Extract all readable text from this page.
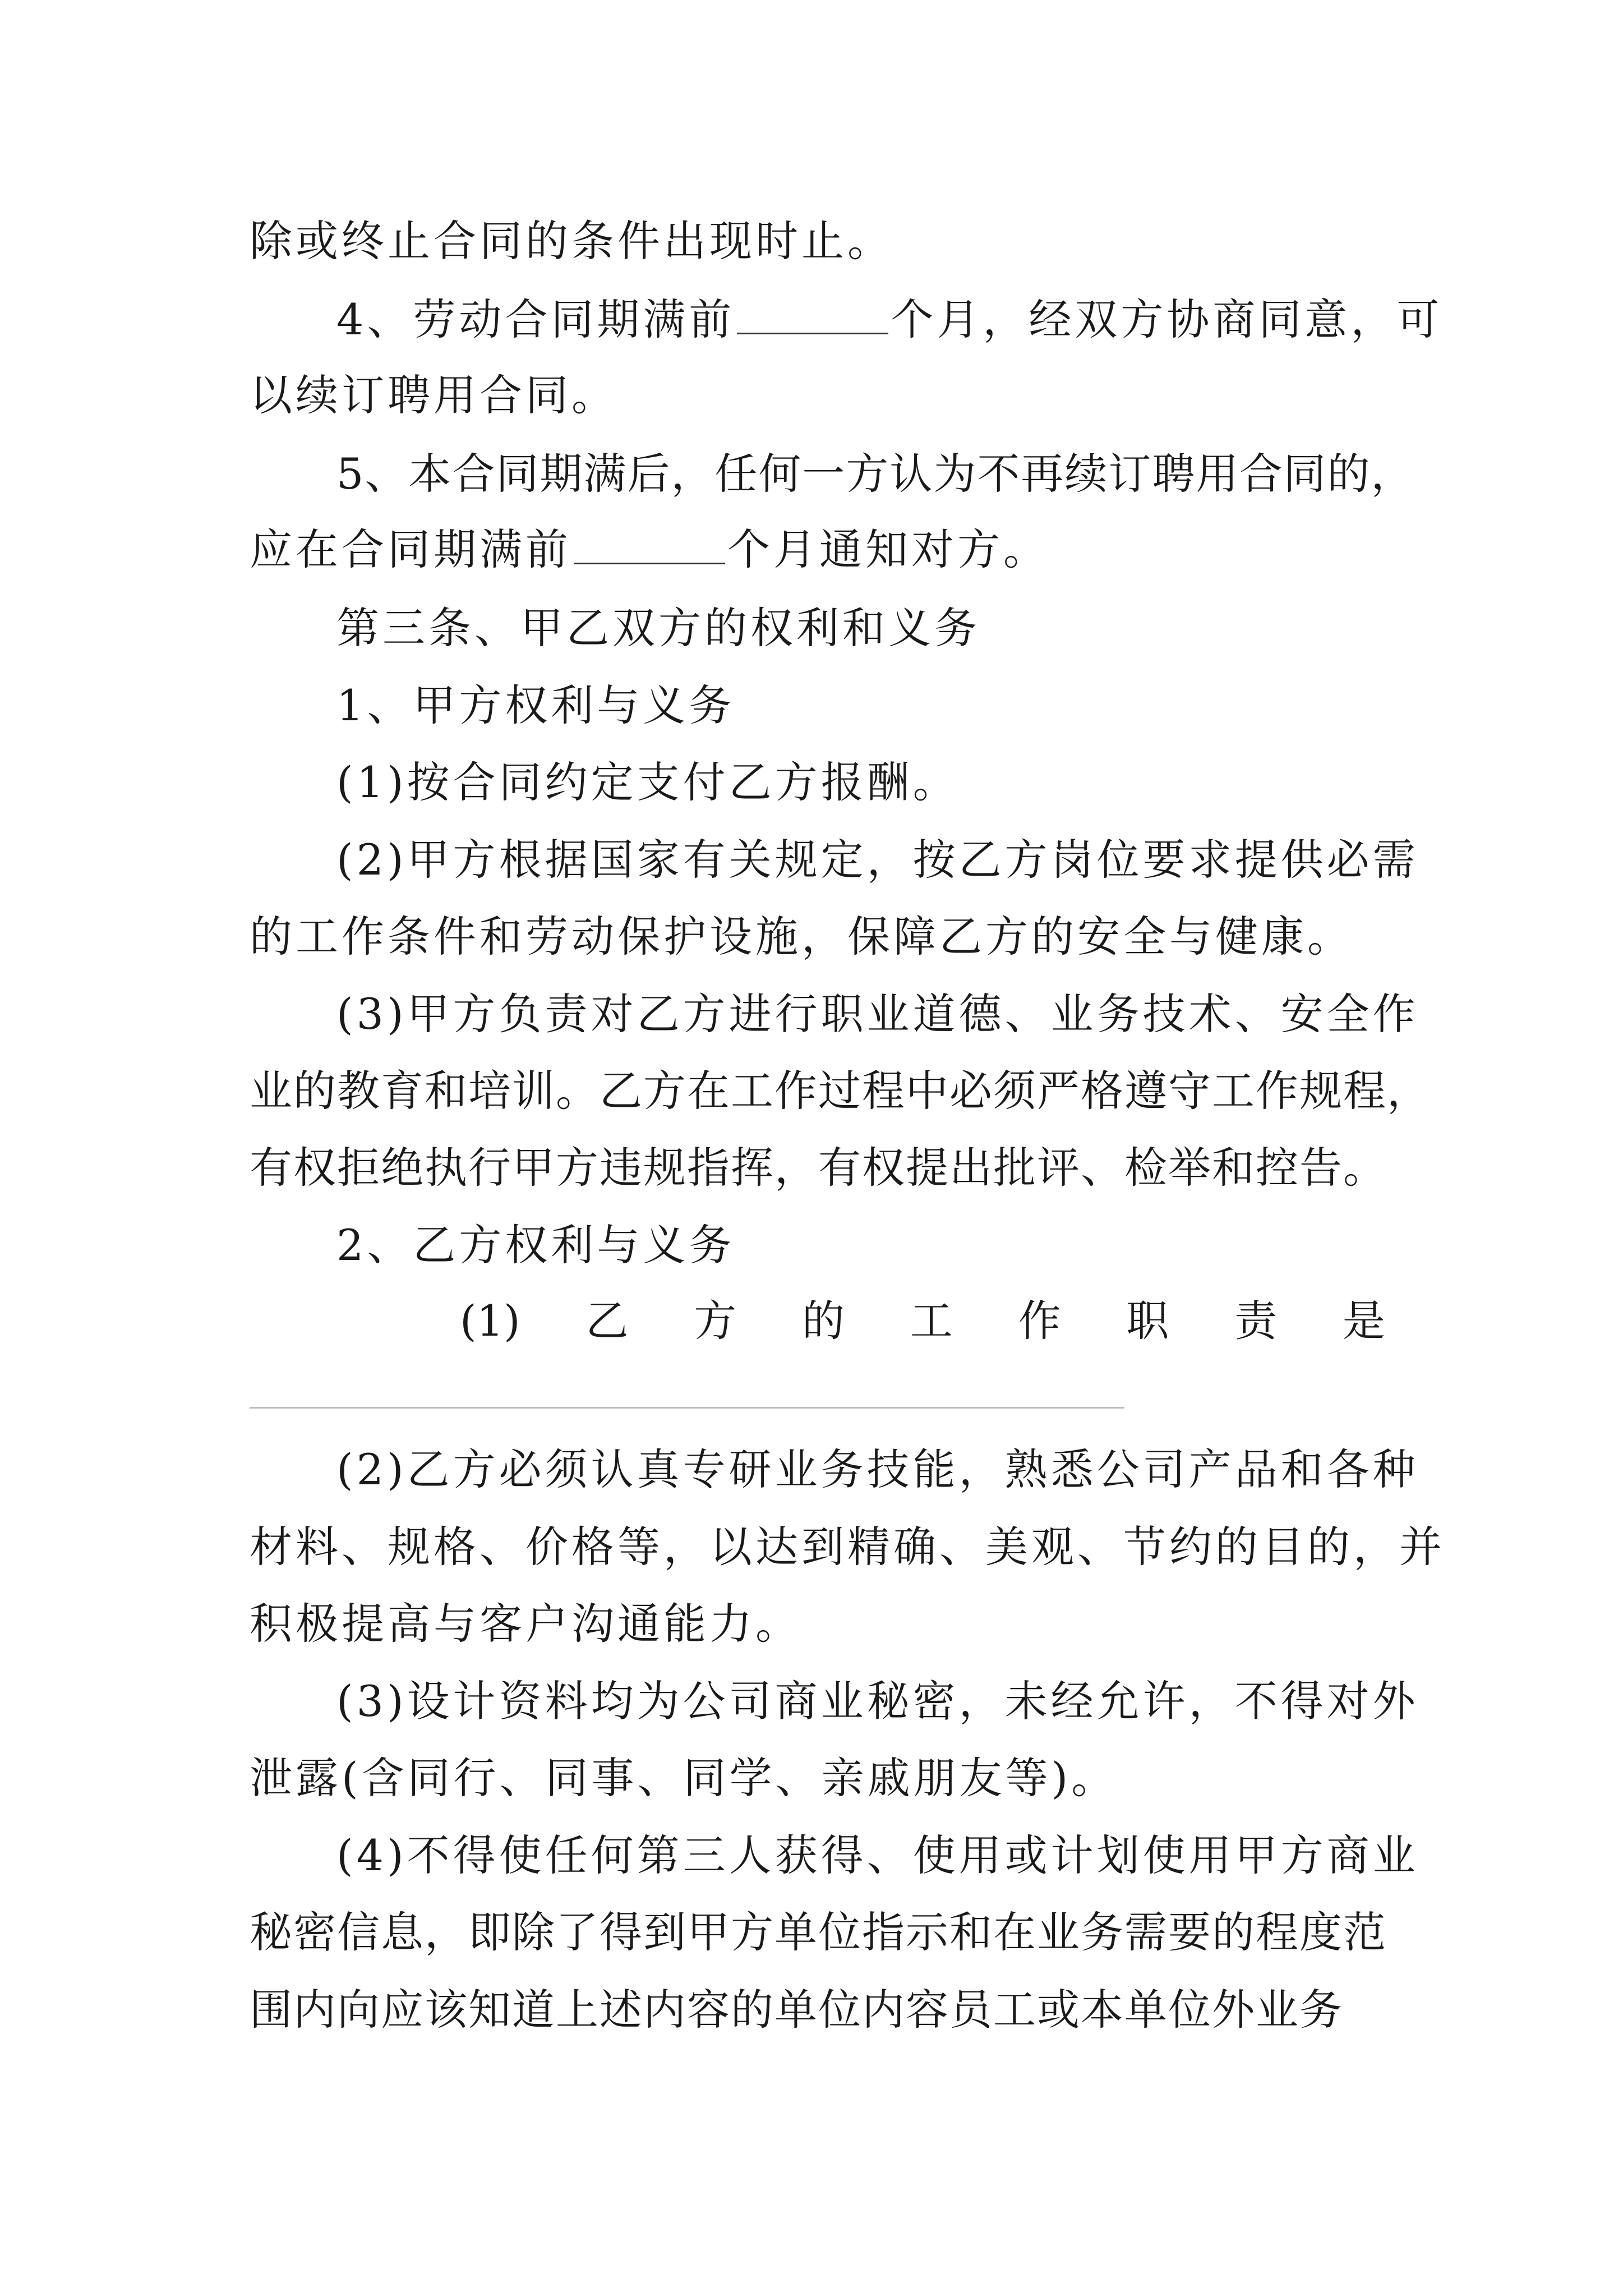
除或终止合同的条件出现时止。
4、劳动合同期满前	个月，经双方协商同意，可
以续订聘用合同。
5、本合同期满后，任何一方认为不再续订聘用合同的，
应在合同期满前	个月通知对方。
第三条、甲乙双方的权利和义务
1、甲方权利与义务
(1)按合同约定支付乙方报酬。
(2)甲方根据国家有关规定，按乙方岗位要求提供必需
的工作条件和劳动保护设施，保障乙方的安全与健康。
(3)甲方负责对乙方进行职业道德、业务技术、安全作
业的教育和培训。乙方在工作过程中必须严格遵守工作规程，
有权拒绝执行甲方违规指挥，有权提出批评、检举和控告。
2、乙方权利与义务
(1) 乙 方 的 工 作 职 责 是
(2)乙方必须认真专研业务技能，熟悉公司产品和各种
材料、规格、价格等，以达到精确、美观、节约的目的，并
积极提高与客户沟通能力。
(3)设计资料均为公司商业秘密，未经允许，不得对外
泄露(含同行、同事、同学、亲戚朋友等)。
(4)不得使任何第三人获得、使用或计划使用甲方商业
秘密信息，即除了得到甲方单位指示和在业务需要的程度范
围内向应该知道上述内容的单位内容员工或本单位外业务
